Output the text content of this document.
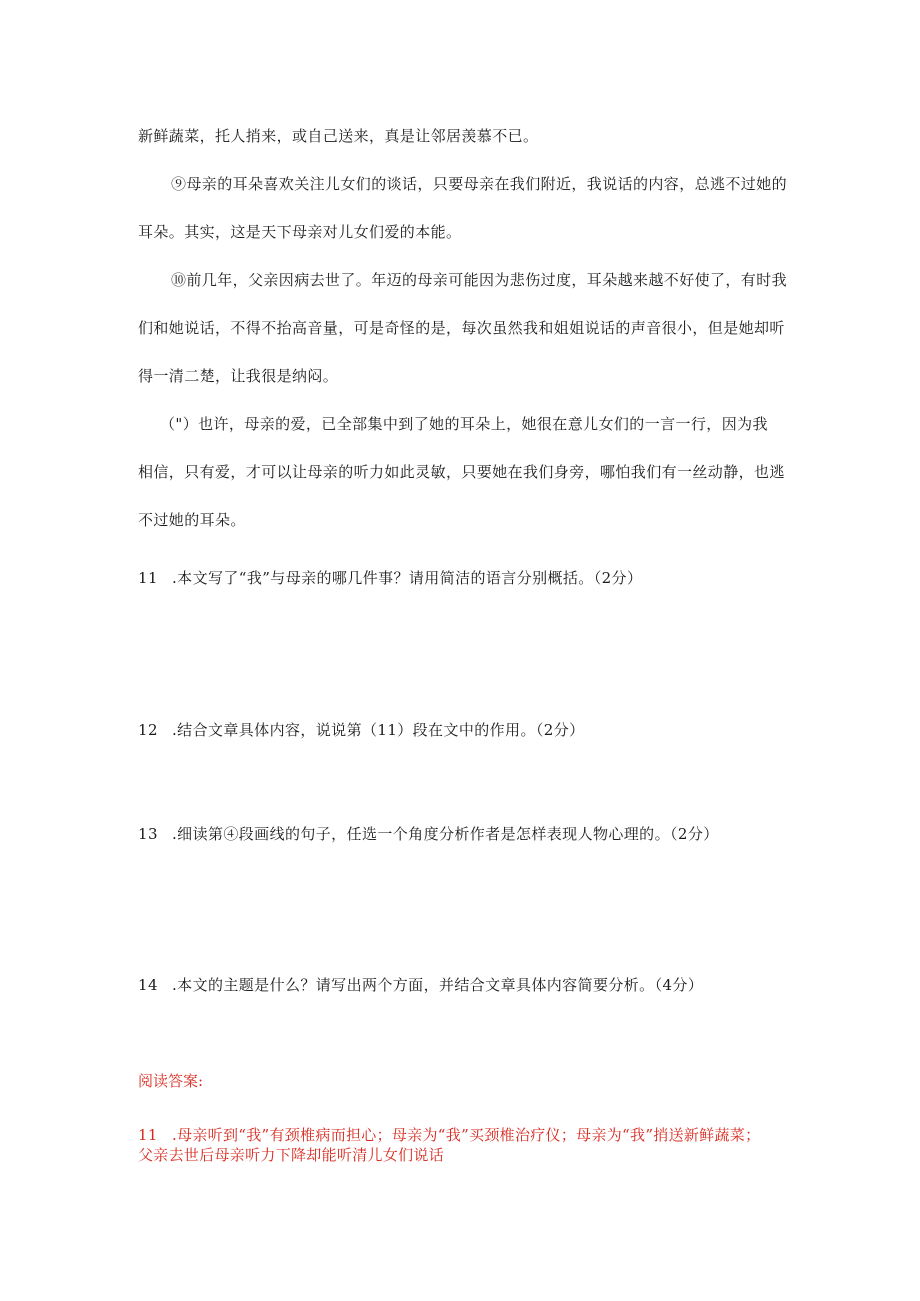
新鲜蔬菜，托人捎来，或自己送来，真是让邻居羡慕不已。
⑨母亲的耳朵喜欢关注儿女们的谈话，只要母亲在我们附近，我说话的内容，总逃不过她的
耳朵。其实，这是天下母亲对儿女们爱的本能。
⑩前几年，父亲因病去世了。年迈的母亲可能因为悲伤过度，耳朵越来越不好使了，有时我
们和她说话，不得不抬高音量，可是奇怪的是，每次虽然我和姐姐说话的声音很小，但是她却听
得一清二楚，让我很是纳闷。
（"）也许，母亲的爱，已全部集中到了她的耳朵上，她很在意儿女们的一言一行，因为我
相信，只有爱，才可以让母亲的听力如此灵敏，只要她在我们身旁，哪怕我们有一丝动静，也逃
不过她的耳朵。
11 .本文写了“我”与母亲的哪几件事？请用简洁的语言分别概括。（2分）
12 .结合文章具体内容，说说第（11）段在文中的作用。（2分）
13 .细读第④段画线的句子，任选一个角度分析作者是怎样表现人物心理的。（2分）
14 .本文的主题是什么？请写出两个方面，并结合文章具体内容简要分析。（4分）
阅读答案:
11 .母亲听到“我”有颈椎病而担心；母亲为“我”买颈椎治疗仪；母亲为“我”捎送新鲜蔬菜；
父亲去世后母亲听力下降却能听清儿女们说话
